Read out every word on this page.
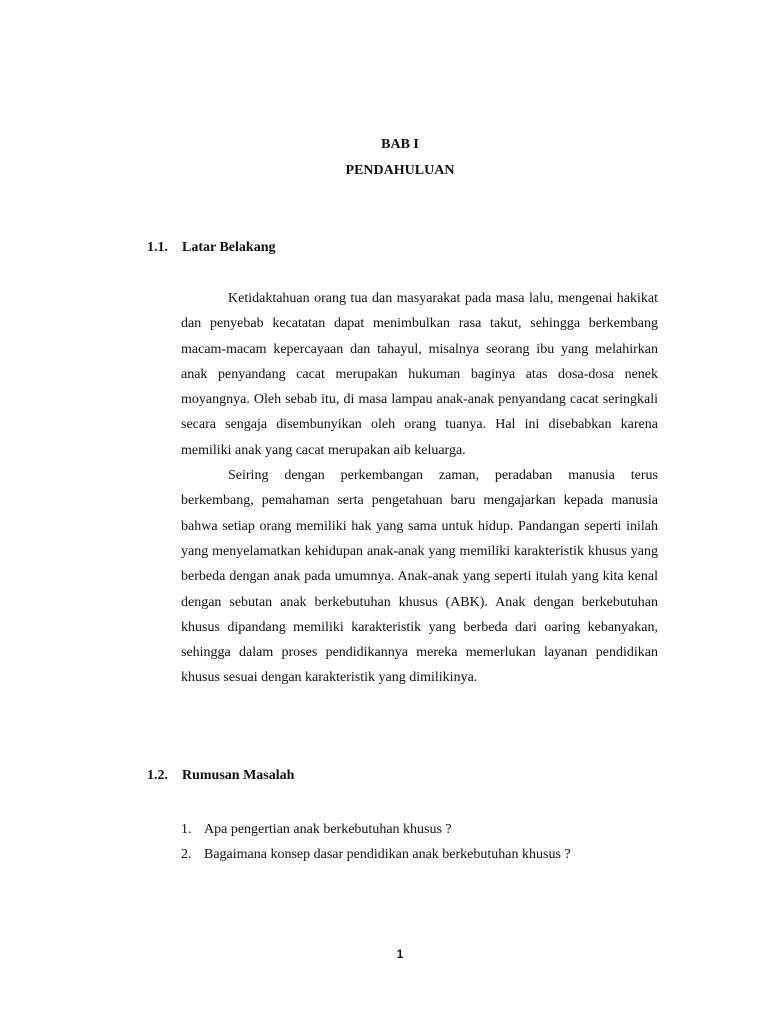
BAB I
PENDAHULUAN
1.1. Latar Belakang

Ketidaktahuan orang tua dan masyarakat pada masa lalu, mengenai hakikat dan penyebab kecatatan dapat menimbulkan rasa takut, sehingga berkembang macam-macam kepercayaan dan tahayul, misalnya seorang ibu yang melahirkan anak penyandang cacat merupakan hukuman baginya atas dosa-dosa nenek moyangnya. Oleh sebab itu, di masa lampau anak-anak penyandang cacat seringkali secara sengaja disembunyikan oleh orang tuanya. Hal ini disebabkan karena memiliki anak yang cacat merupakan aib keluarga.

Seiring dengan perkembangan zaman, peradaban manusia terus berkembang, pemahaman serta pengetahuan baru mengajarkan kepada manusia bahwa setiap orang memiliki hak yang sama untuk hidup. Pandangan seperti inilah yang menyelamatkan kehidupan anak-anak yang memiliki karakteristik khusus yang berbeda dengan anak pada umumnya. Anak-anak yang seperti itulah yang kita kenal dengan sebutan anak berkebutuhan khusus (ABK). Anak dengan berkebutuhan khusus dipandang memiliki karakteristik yang berbeda dari oaring kebanyakan, sehingga dalam proses pendidikannya mereka memerlukan layanan pendidikan khusus sesuai dengan karakteristik yang dimilikinya.

1.2. Rumusan Masalah
1. Apa pengertian anak berkebutuhan khusus ?
2. Bagaimana konsep dasar pendidikan anak berkebutuhan khusus ?
1
